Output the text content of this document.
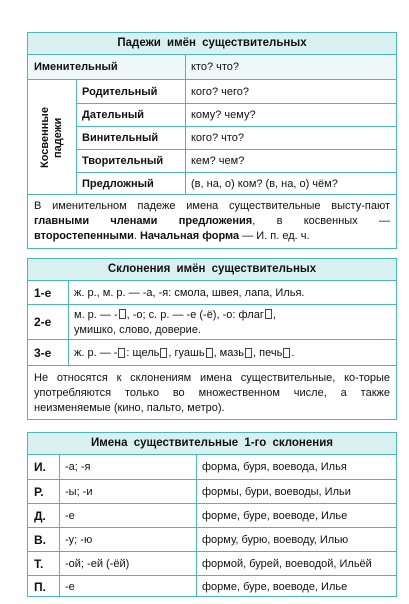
Падежи имён существительных
Именительный	кто? что?
Косвенные падежи
Родительный	кого? чего?
Дательный	кому? чему?
Винительный	кого? что?
Творительный	кем? чем?
Предложный	(в, на, о) ком? (в, на, о) чём?
В именительном падеже имена существительные высту-пают главными членами предложения, в косвенных — второстепенными. Начальная форма — И. п. ед. ч.
Склонения имён существительных
1-е	ж. р., м. р. — -а, -я: смола, швея, лапа, Илья.
2-е	м. р. — - , -о; с. р. — -е (-ё), -о: флаг ,
умишко, слово, доверие.
3-е	ж. р. — - : щель , гуашь , мазь , печь .
Не относятся к склонениям имена существительные, ко-торые употребляются только во множественном числе, а также неизменяемые (кино, пальто, метро).
Имена существительные 1-го склонения
И.	-а; -я	форма, буря, воевода, Илья
Р.	-ы; -и	формы, бури, воеводы, Ильи
Д.	-е	форме, буре, воеводе, Илье
В.	-у; -ю	форму, бурю, воеводу, Илью
Т.	-ой; -ей (-ёй)	формой, бурей, воеводой, Ильёй
П.	-е	форме, буре, воеводе, Илье
